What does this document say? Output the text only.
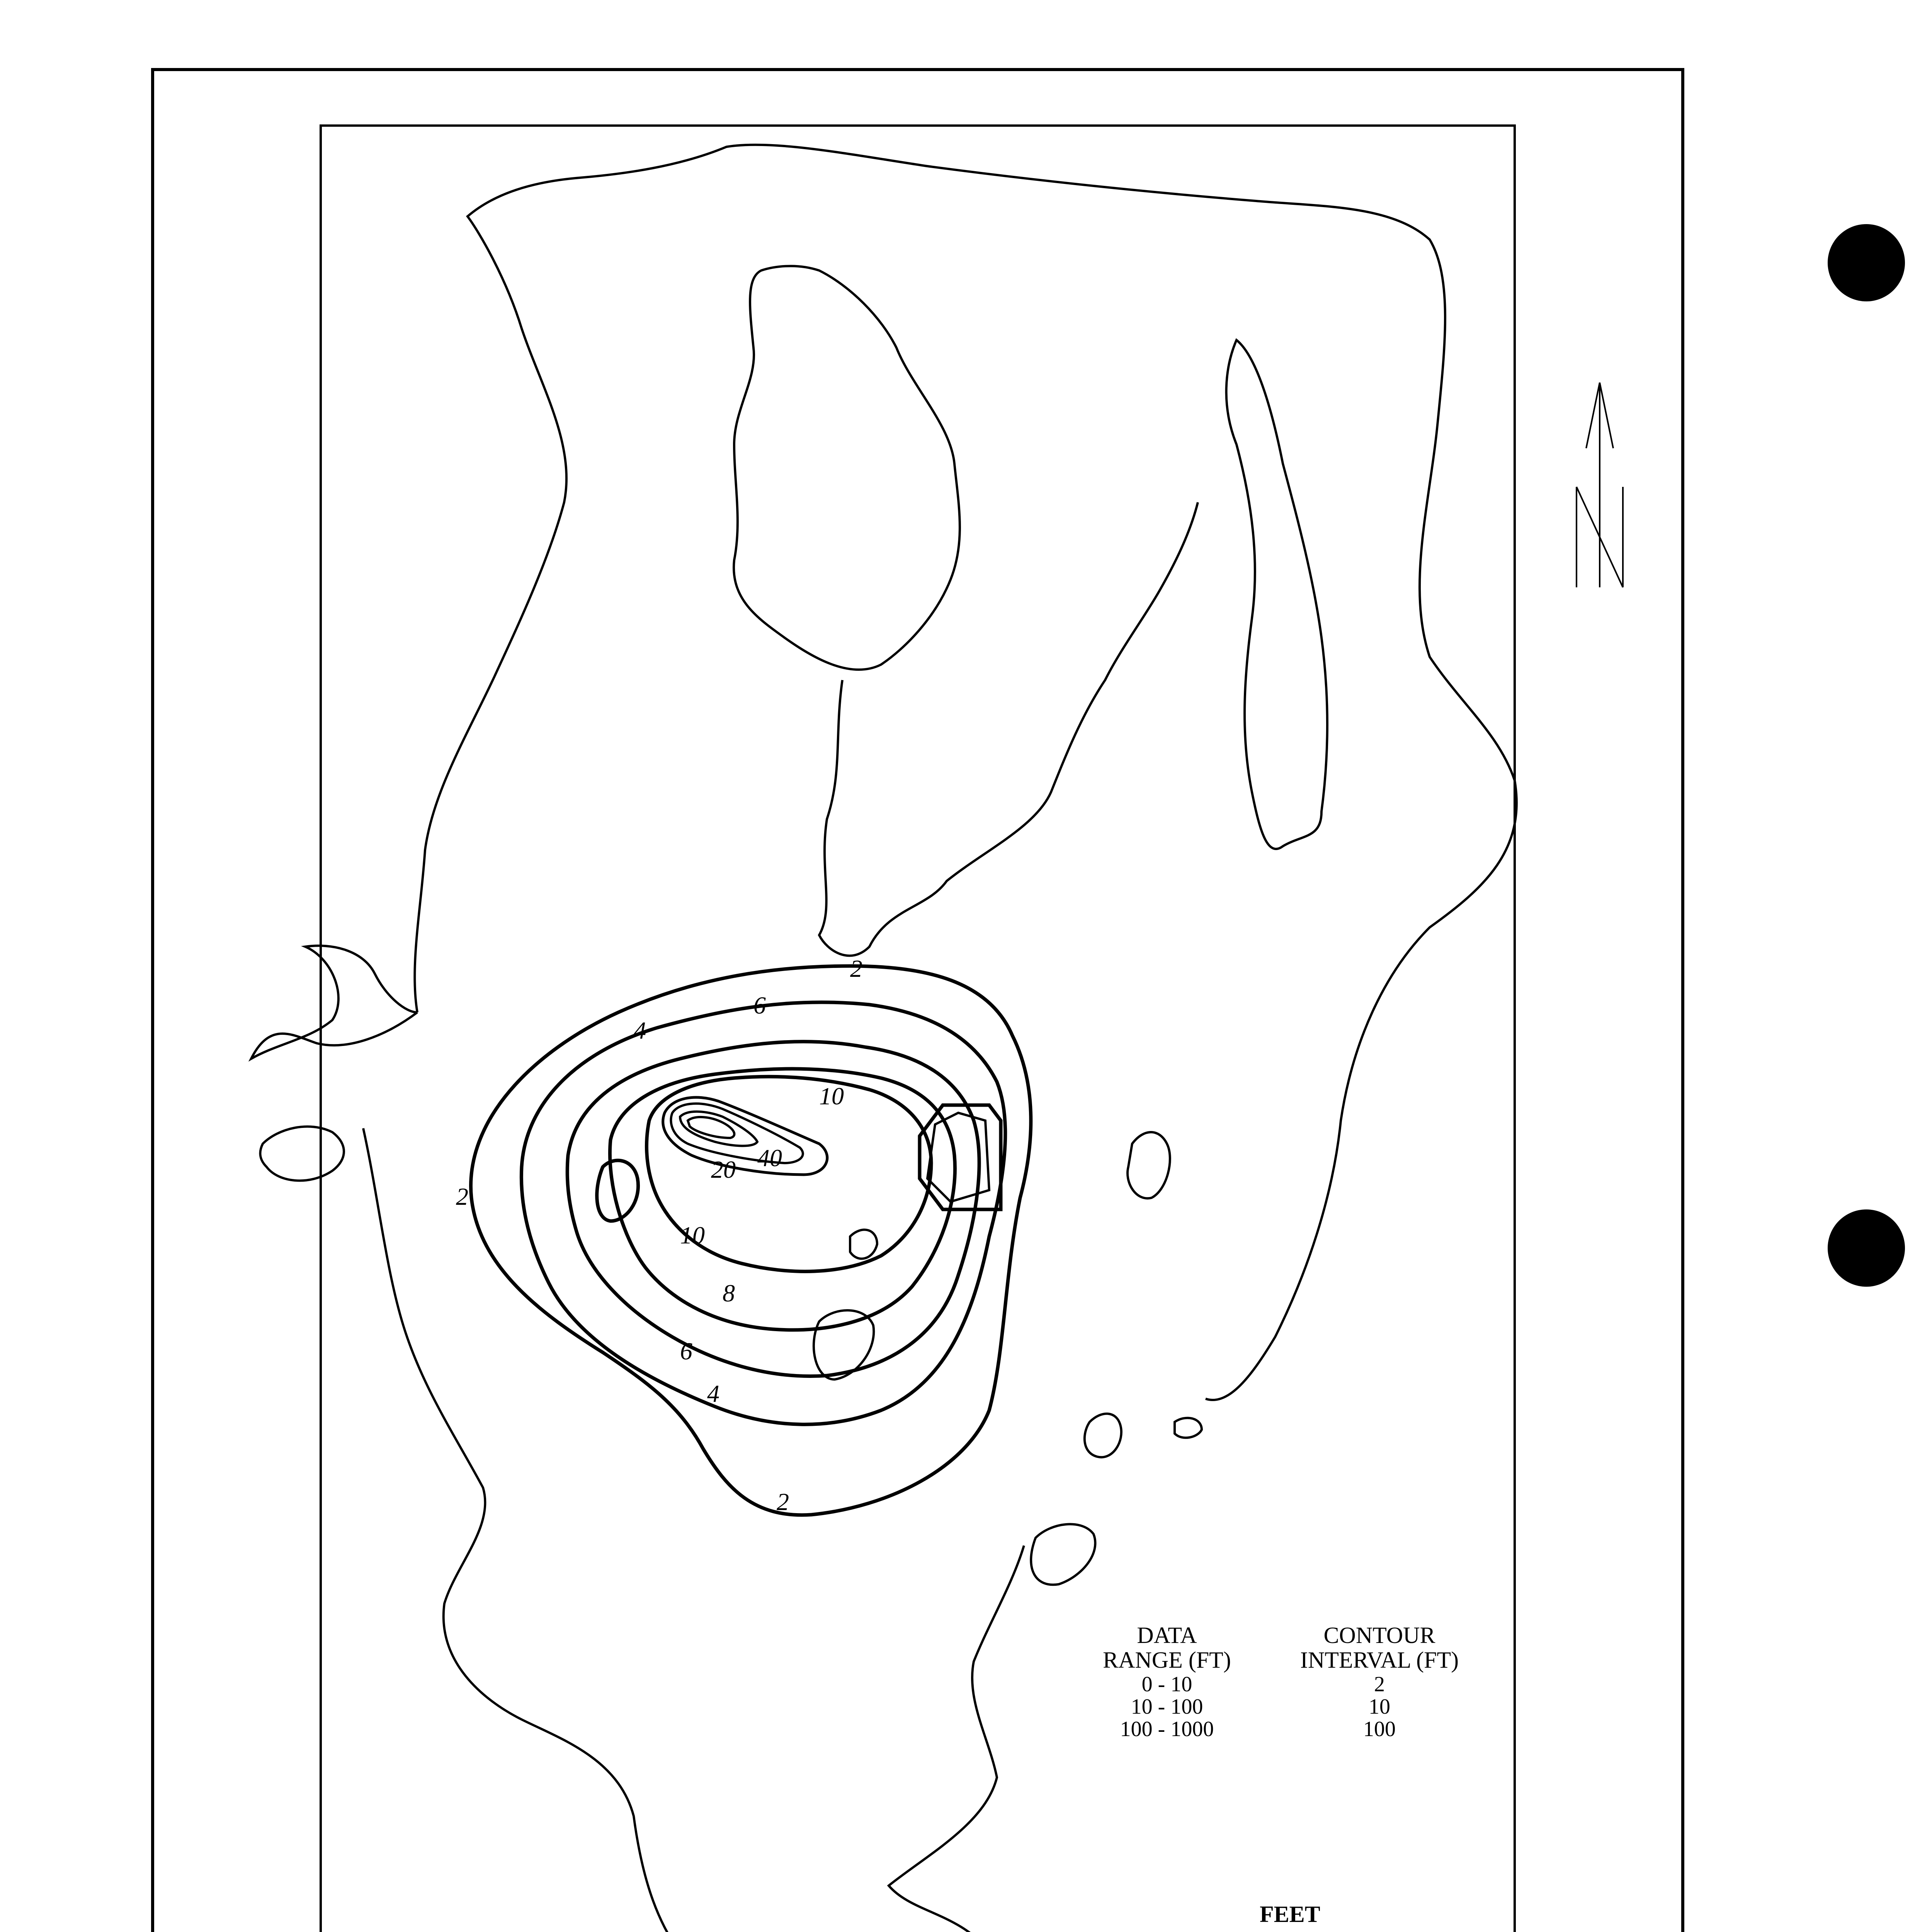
2
6
4
2
10
20 40
10
8
6
4
2
DATA
RANGE (FT)
CONTOUR
INTERVAL (FT)
0 - 10
10 - 100
100 - 1000
2
10
100
FEET
